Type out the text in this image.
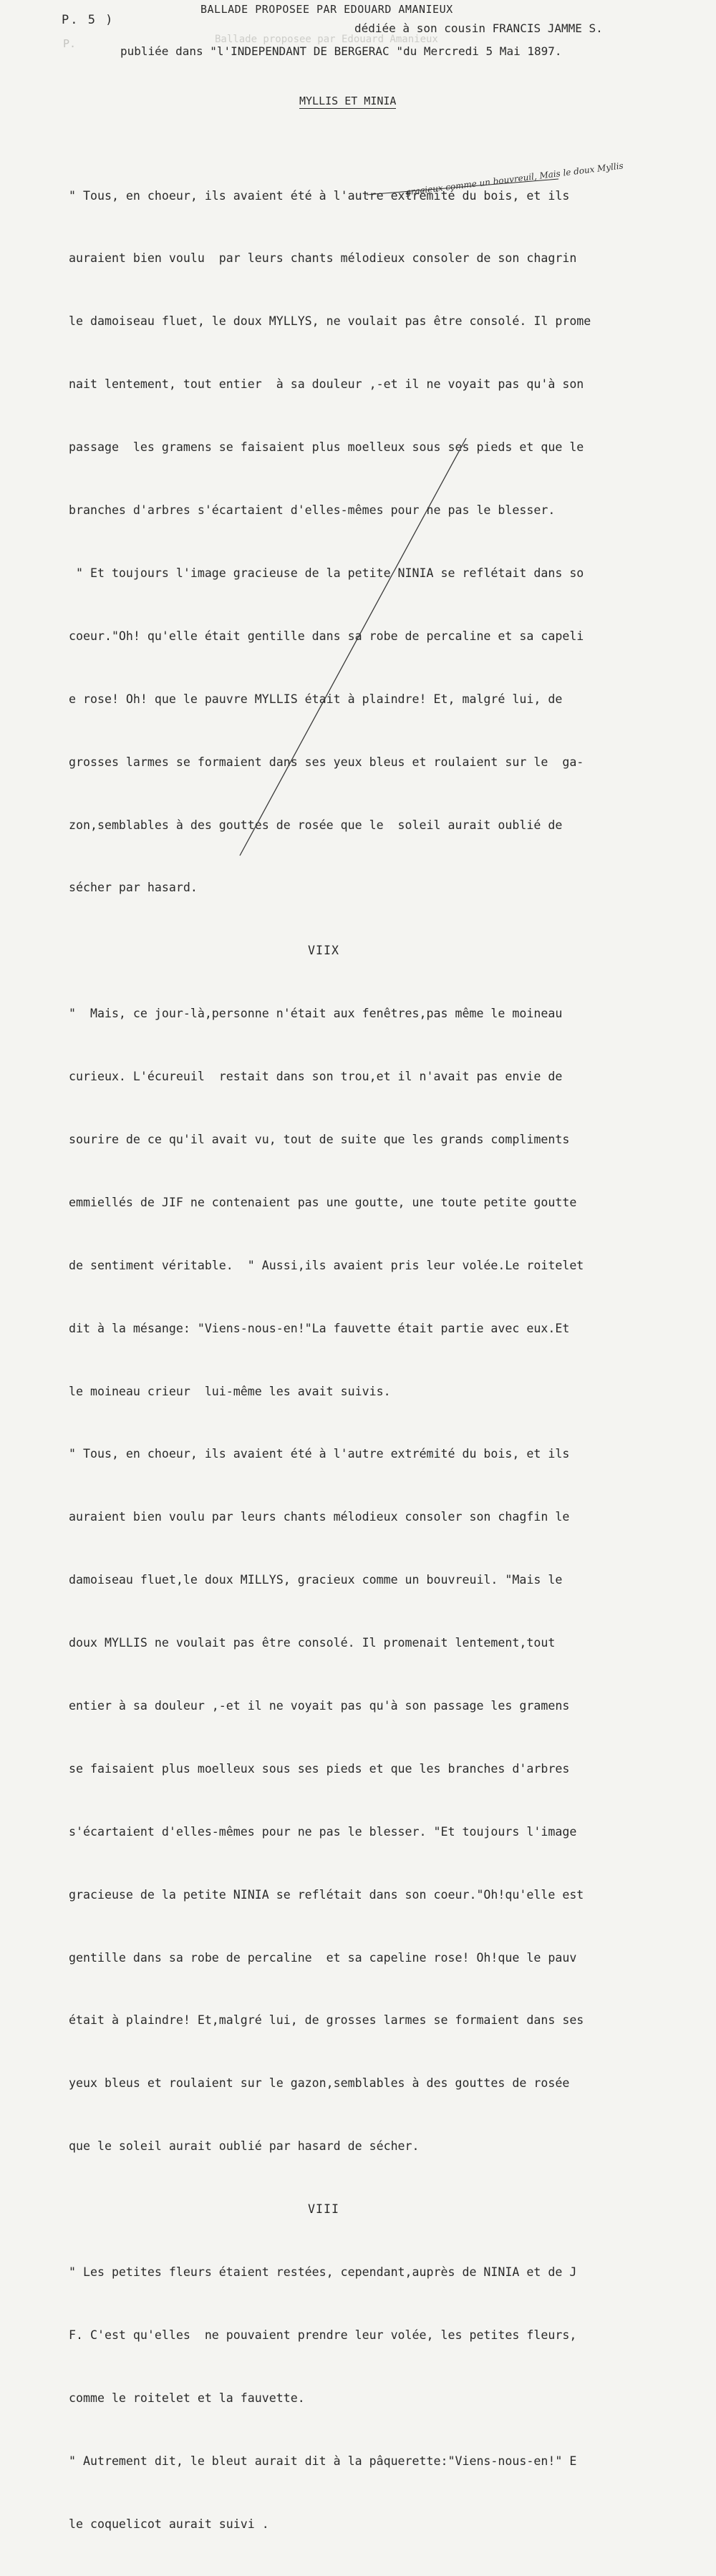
P. 5 )
P.
BALLADE PROPOSEE PAR EDOUARD AMANIEUX
Ballade proposee par Edouard Amanieux
dédiée à son cousin FRANCIS JAMME S.
publiée dans "l'INDEPENDANT DE BERGERAC "du Mercredi 5 Mai 1897.
MYLLIS ET MINIA
gracieux comme un bouvreuil, Mais le doux Myllis

" Tous, en choeur, ils avaient été à l'autre extrémité du bois, et ils

auraient bien voulu  par leurs chants mélodieux consoler de son chagrin

le damoiseau fluet, le doux MYLLYS, ne voulait pas être consolé. Il prome

nait lentement, tout entier  à sa douleur ,-et il ne voyait pas qu'à son

passage  les gramens se faisaient plus moelleux sous ses pieds et que le

branches d'arbres s'écartaient d'elles-mêmes pour ne pas le blesser.

" Et toujours l'image gracieuse de la petite NINIA se reflétait dans so

coeur."Oh! qu'elle était gentille dans sa robe de percaline et sa capeli

e rose! Oh! que le pauvre MYLLIS était à plaindre! Et, malgré lui, de

grosses larmes se formaient dans ses yeux bleus et roulaient sur le  ga-

zon,semblables à des gouttes de rosée que le  soleil aurait oublié de

sécher par hasard.

VIIX

"  Mais, ce jour-là,personne n'était aux fenêtres,pas même le moineau

curieux. L'écureuil  restait dans son trou,et il n'avait pas envie de

sourire de ce qu'il avait vu, tout de suite que les grands compliments

emmiellés de JIF ne contenaient pas une goutte, une toute petite goutte

de sentiment véritable.  " Aussi,ils avaient pris leur volée.Le roitelet

dit à la mésange: "Viens-nous-en!"La fauvette était partie avec eux.Et

le moineau crieur  lui-même les avait suivis.

" Tous, en choeur, ils avaient été à l'autre extrémité du bois, et ils

auraient bien voulu par leurs chants mélodieux consoler son chagfin le

damoiseau fluet,le doux MILLYS, gracieux comme un bouvreuil. "Mais le

doux MYLLIS ne voulait pas être consolé. Il promenait lentement,tout

entier à sa douleur ,-et il ne voyait pas qu'à son passage les gramens

se faisaient plus moelleux sous ses pieds et que les branches d'arbres

s'écartaient d'elles-mêmes pour ne pas le blesser. "Et toujours l'image

gracieuse de la petite NINIA se reflétait dans son coeur."Oh!qu'elle est

gentille dans sa robe de percaline  et sa capeline rose! Oh!que le pauv

était à plaindre! Et,malgré lui, de grosses larmes se formaient dans ses

yeux bleus et roulaient sur le gazon,semblables à des gouttes de rosée

que le soleil aurait oublié par hasard de sécher.

VIII

" Les petites fleurs étaient restées, cependant,auprès de NINIA et de J

F. C'est qu'elles  ne pouvaient prendre leur volée, les petites fleurs,

comme le roitelet et la fauvette.

" Autrement dit, le bleut aurait dit à la pâquerette:"Viens-nous-en!" E

le coquelicot aurait suivi .
